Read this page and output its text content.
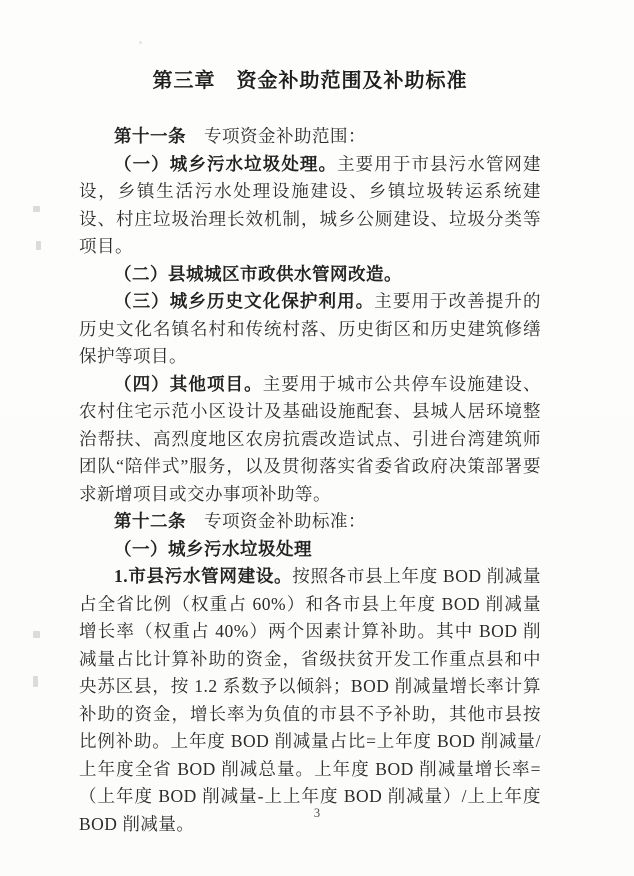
第三章　资金补助范围及补助标准

第十一条　专项资金补助范围：

（一）城乡污水垃圾处理。主要用于市县污水管网建设，乡镇生活污水处理设施建设、乡镇垃圾转运系统建设、村庄垃圾治理长效机制，城乡公厕建设、垃圾分类等项目。

（二）县城城区市政供水管网改造。

（三）城乡历史文化保护利用。主要用于改善提升的历史文化名镇名村和传统村落、历史街区和历史建筑修缮保护等项目。

（四）其他项目。主要用于城市公共停车设施建设、农村住宅示范小区设计及基础设施配套、县城人居环境整治帮扶、高烈度地区农房抗震改造试点、引进台湾建筑师团队“陪伴式”服务，以及贯彻落实省委省政府决策部署要求新增项目或交办事项补助等。

第十二条　专项资金补助标准：

（一）城乡污水垃圾处理

1.市县污水管网建设。按照各市县上年度 BOD 削减量占全省比例（权重占 60%）和各市县上年度 BOD 削减量增长率（权重占 40%）两个因素计算补助。其中 BOD 削减量占比计算补助的资金，省级扶贫开发工作重点县和中央苏区县，按 1.2 系数予以倾斜；BOD 削减量增长率计算补助的资金，增长率为负值的市县不予补助，其他市县按比例补助。上年度 BOD 削减量占比=上年度 BOD 削减量/上年度全省 BOD 削减总量。上年度 BOD 削减量增长率=（上年度 BOD 削减量-上上年度 BOD 削减量）/上上年度 BOD 削减量。

3
